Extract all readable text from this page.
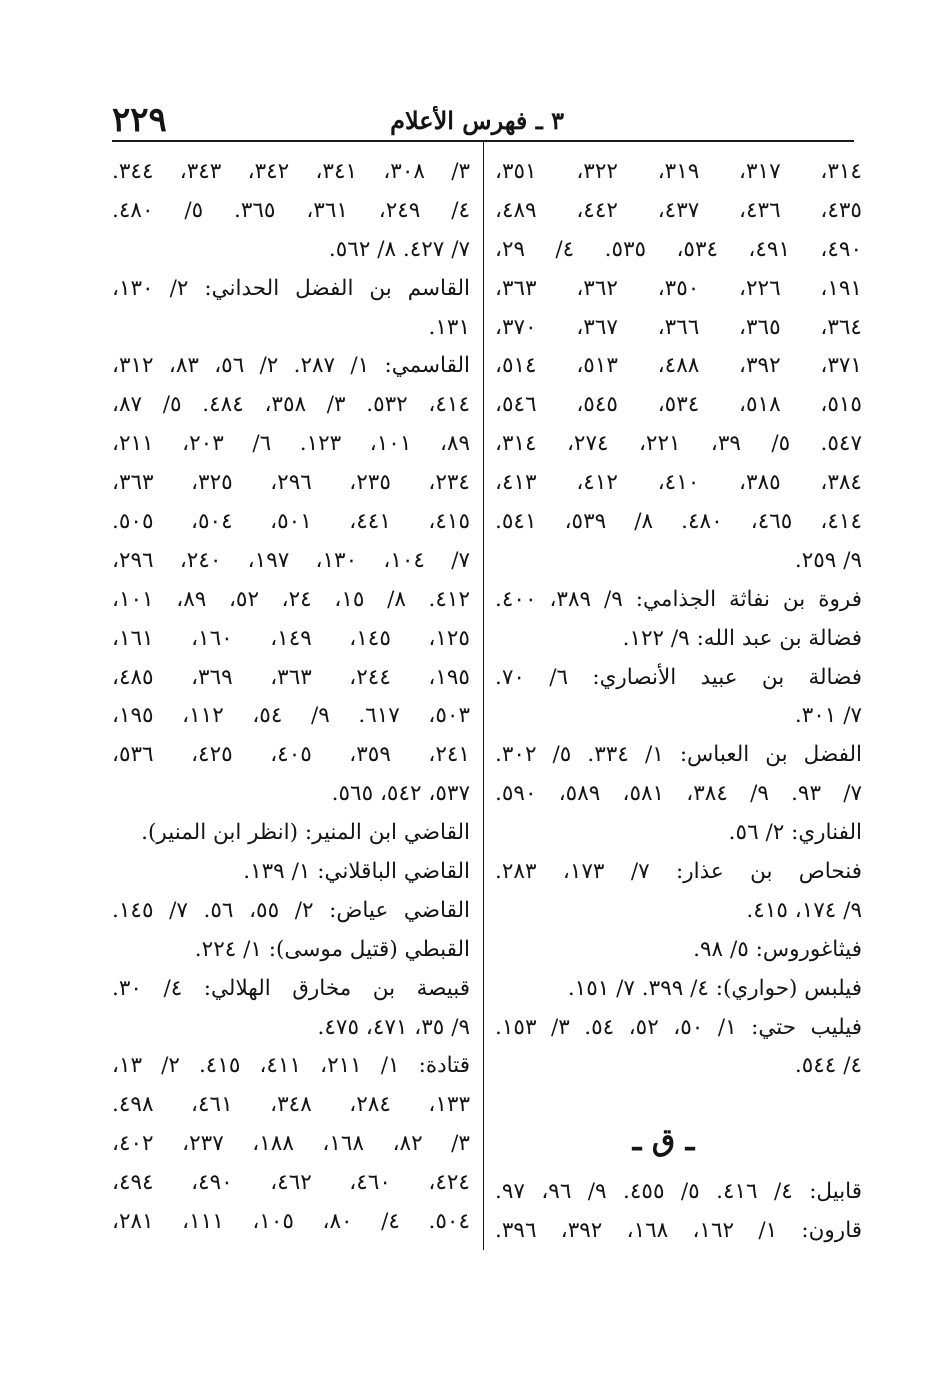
٣ ـ فهرس الأعلام
٢٢٩
٣١٤، ٣١٧، ٣١٩، ٣٢٢، ٣٥١،
٤٣٥، ٤٣٦، ٤٣٧، ٤٤٢، ٤٨٩،
٤٩٠، ٤٩١، ٥٣٤، ٥٣٥. ٤/ ٢٩،
١٩١، ٢٢٦، ٣٥٠، ٣٦٢، ٣٦٣،
٣٦٤، ٣٦٥، ٣٦٦، ٣٦٧، ٣٧٠،
٣٧١، ٣٩٢، ٤٨٨، ٥١٣، ٥١٤،
٥١٥، ٥١٨، ٥٣٤، ٥٤٥، ٥٤٦،
٥٤٧. ٥/ ٣٩، ٢٢١، ٢٧٤، ٣١٤،
٣٨٤، ٣٨٥، ٤١٠، ٤١٢، ٤١٣،
٤١٤، ٤٦٥، ٤٨٠. ٨/ ٥٣٩، ٥٤١.
٩/ ٢٥٩.
فروة بن نفاثة الجذامي: ٩/ ٣٨٩، ٤٠٠.
فضالة بن عبد الله: ٩/ ١٢٢.
فضالة بن عبيد الأنصاري: ٦/ ٧٠.
٧/ ٣٠١.
الفضل بن العباس: ١/ ٣٣٤. ٥/ ٣٠٢.
٧/ ٩٣. ٩/ ٣٨٤، ٥٨١، ٥٨٩، ٥٩٠.
الفناري: ٢/ ٥٦.
فنحاص بن عذار: ٧/ ١٧٣، ٢٨٣.
٩/ ١٧٤، ٤١٥.
فيثاغوروس: ٥/ ٩٨.
فيلبس (حواري): ٤/ ٣٩٩. ٧/ ١٥١.
فيليب حتي: ١/ ٥٠، ٥٢، ٥٤. ٣/ ١٥٣.
٤/ ٥٤٤.
ـ ق ـ
قابيل: ٤/ ٤١٦. ٥/ ٤٥٥. ٩/ ٩٦، ٩٧.
قارون: ١/ ١٦٢، ١٦٨، ٣٩٢، ٣٩٦.
٣/ ٣٠٨، ٣٤١، ٣٤٢، ٣٤٣، ٣٤٤.
٤/ ٢٤٩، ٣٦١، ٣٦٥. ٥/ ٤٨٠.
٧/ ٤٢٧. ٨/ ٥٦٢.
القاسم بن الفضل الحداني: ٢/ ١٣٠،
١٣١.
القاسمي: ١/ ٢٨٧. ٢/ ٥٦، ٨٣، ٣١٢،
٤١٤، ٥٣٢. ٣/ ٣٥٨، ٤٨٤. ٥/ ٨٧،
٨٩، ١٠١، ١٢٣. ٦/ ٢٠٣، ٢١١،
٢٣٤، ٢٣٥، ٢٩٦، ٣٢٥، ٣٦٣،
٤١٥، ٤٤١، ٥٠١، ٥٠٤، ٥٠٥.
٧/ ١٠٤، ١٣٠، ١٩٧، ٢٤٠، ٢٩٦،
٤١٢. ٨/ ١٥، ٢٤، ٥٢، ٨٩، ١٠١،
١٢٥، ١٤٥، ١٤٩، ١٦٠، ١٦١،
١٩٥، ٢٤٤، ٣٦٣، ٣٦٩، ٤٨٥،
٥٠٣، ٦١٧. ٩/ ٥٤، ١١٢، ١٩٥،
٢٤١، ٣٥٩، ٤٠٥، ٤٢٥، ٥٣٦،
٥٣٧، ٥٤٢، ٥٦٥.
القاضي ابن المنير: (انظر ابن المنير).
القاضي الباقلاني: ١/ ١٣٩.
القاضي عياض: ٢/ ٥٥، ٥٦. ٧/ ١٤٥.
القبطي (قتيل موسى): ١/ ٢٢٤.
قبيصة بن مخارق الهلالي: ٤/ ٣٠.
٩/ ٣٥، ٤٧١، ٤٧٥.
قتادة: ١/ ٢١١، ٤١١، ٤١٥. ٢/ ١٣،
١٣٣، ٢٨٤، ٣٤٨، ٤٦١، ٤٩٨.
٣/ ٨٢، ١٦٨، ١٨٨، ٢٣٧، ٤٠٢،
٤٢٤، ٤٦٠، ٤٦٢، ٤٩٠، ٤٩٤،
٥٠٤. ٤/ ٨٠، ١٠٥، ١١١، ٢٨١،
